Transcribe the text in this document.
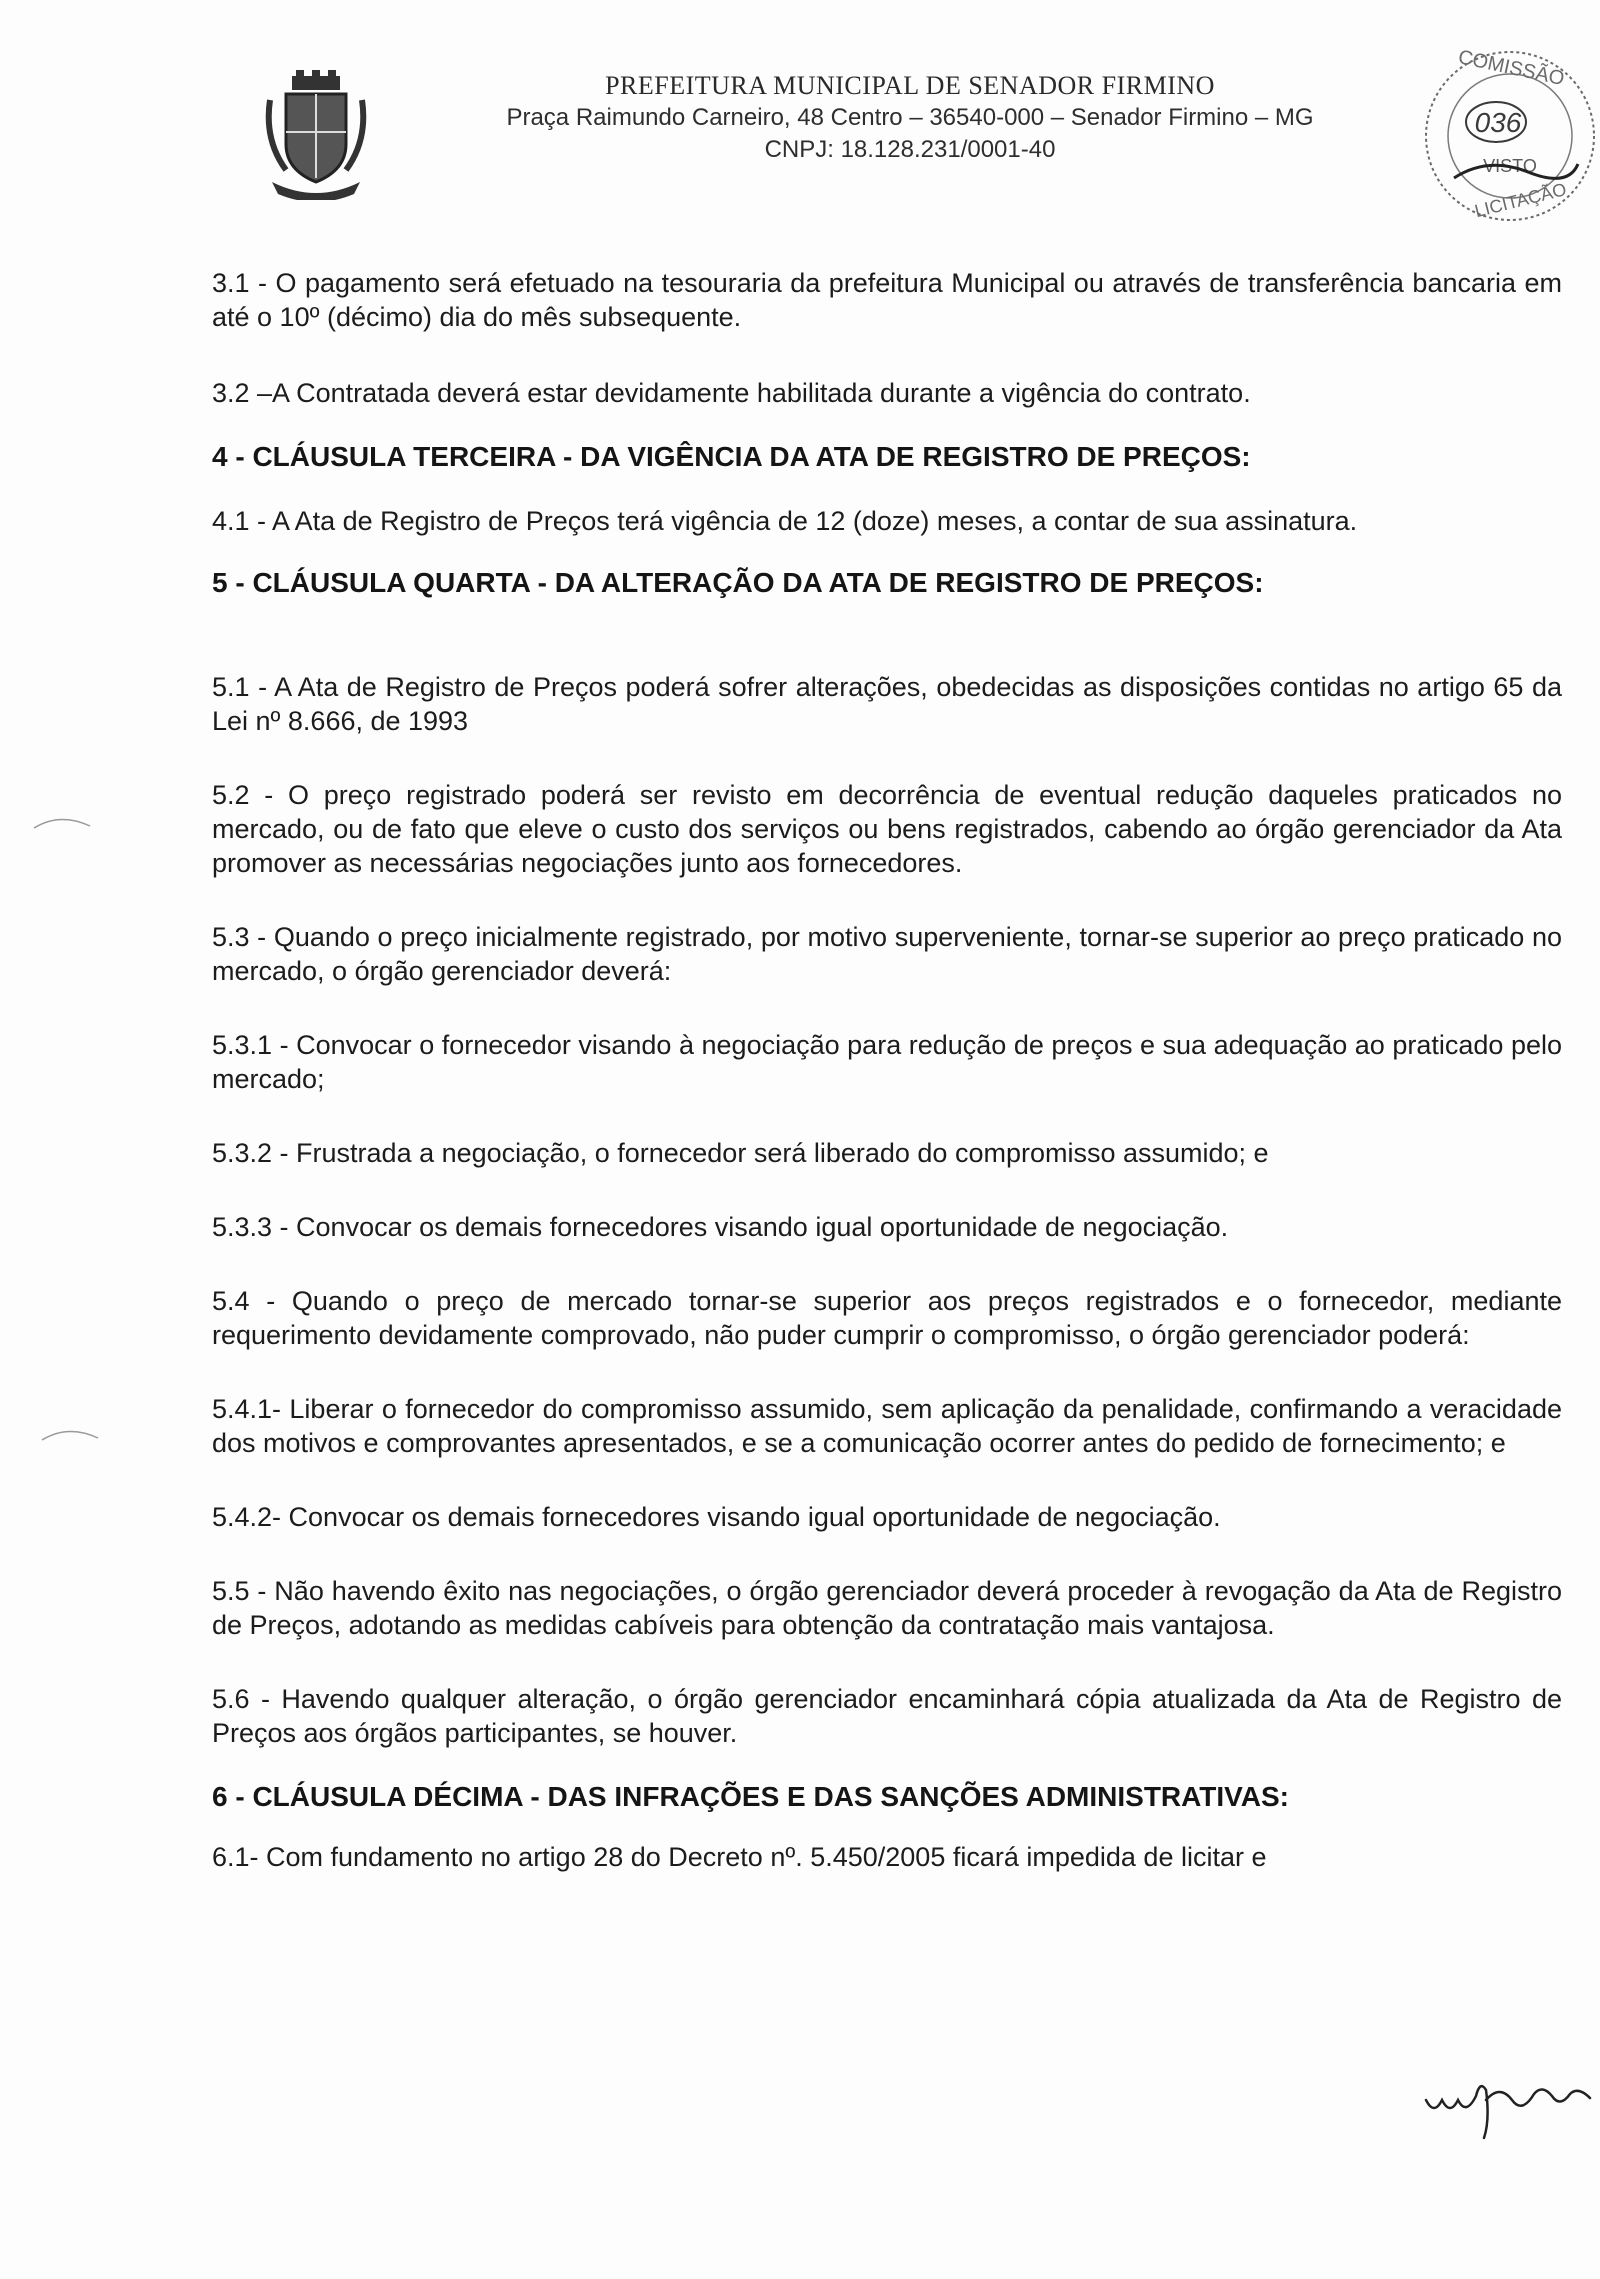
PREFEITURA MUNICIPAL DE SENADOR FIRMINO
Praça Raimundo Carneiro, 48 Centro – 36540-000 – Senador Firmino – MG
CNPJ: 18.128.231/0001-40
COMISSÃO
036
VISTO
LICITAÇÃO

3.1 - O pagamento será efetuado na tesouraria da prefeitura Municipal ou através de transferência bancaria em até o 10º (décimo) dia do mês subsequente.

3.2 –A Contratada deverá estar devidamente habilitada durante a vigência do contrato.

4 - CLÁUSULA TERCEIRA - DA VIGÊNCIA DA ATA DE REGISTRO DE PREÇOS:

4.1 - A Ata de Registro de Preços terá vigência de 12 (doze) meses, a contar de sua assinatura.

5 - CLÁUSULA QUARTA - DA ALTERAÇÃO DA ATA DE REGISTRO DE PREÇOS:

5.1 - A Ata de Registro de Preços poderá sofrer alterações, obedecidas as disposições contidas no artigo 65 da Lei nº 8.666, de 1993

5.2 - O preço registrado poderá ser revisto em decorrência de eventual redução daqueles praticados no mercado, ou de fato que eleve o custo dos serviços ou bens registrados, cabendo ao órgão gerenciador da Ata promover as necessárias negociações junto aos fornecedores.

5.3 - Quando o preço inicialmente registrado, por motivo superveniente, tornar-se superior ao preço praticado no mercado, o órgão gerenciador deverá:

5.3.1 - Convocar o fornecedor visando à negociação para redução de preços e sua adequação ao praticado pelo mercado;

5.3.2 - Frustrada a negociação, o fornecedor será liberado do compromisso assumido; e

5.3.3 - Convocar os demais fornecedores visando igual oportunidade de negociação.

5.4 - Quando o preço de mercado tornar-se superior aos preços registrados e o fornecedor, mediante requerimento devidamente comprovado, não puder cumprir o compromisso, o órgão gerenciador poderá:

5.4.1- Liberar o fornecedor do compromisso assumido, sem aplicação da penalidade, confirmando a veracidade dos motivos e comprovantes apresentados, e se a comunicação ocorrer antes do pedido de fornecimento; e

5.4.2- Convocar os demais fornecedores visando igual oportunidade de negociação.

5.5 - Não havendo êxito nas negociações, o órgão gerenciador deverá proceder à revogação da Ata de Registro de Preços, adotando as medidas cabíveis para obtenção da contratação mais vantajosa.

5.6 - Havendo qualquer alteração, o órgão gerenciador encaminhará cópia atualizada da Ata de Registro de Preços aos órgãos participantes, se houver.

6 - CLÁUSULA DÉCIMA - DAS INFRAÇÕES E DAS SANÇÕES ADMINISTRATIVAS:

6.1- Com fundamento no artigo 28 do Decreto nº. 5.450/2005 ficará impedida de licitar e
